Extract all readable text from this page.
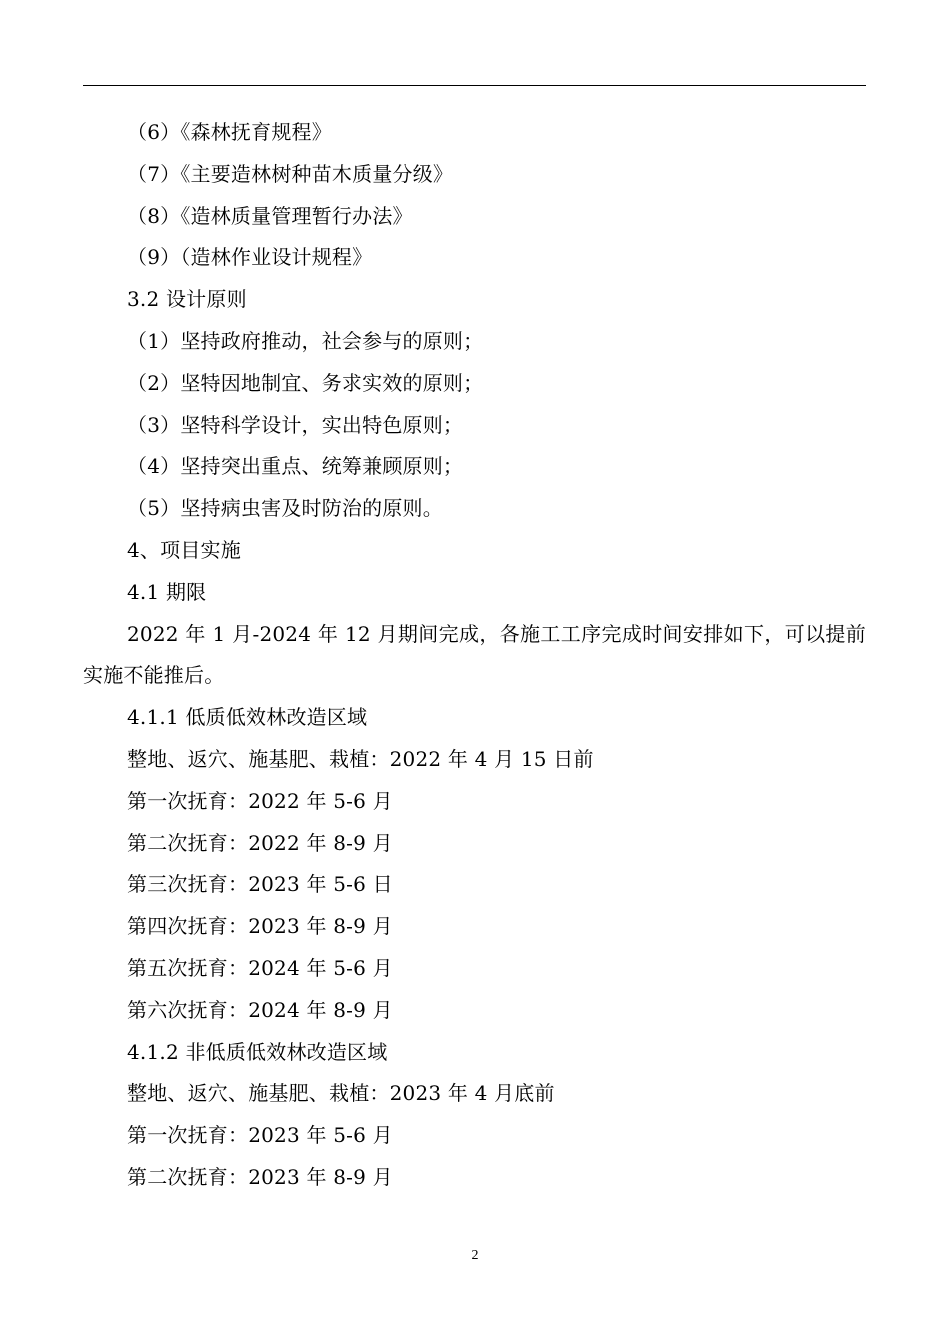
（6）《森林抚育规程》
（7）《主要造林树种苗木质量分级》
（8）《造林质量管理暂行办法》
（9）（造林作业设计规程》
3.2 设计原则
（1）坚持政府推动，社会参与的原则；
（2）坚特因地制宜、务求实效的原则；
（3）坚特科学设计，实出特色原则；
（4）坚持突出重点、统筹兼顾原则；
（5）坚持病虫害及时防治的原则。
4、项目实施
4.1 期限
2022 年 1 月-2024 年 12 月期间完成，各施工工序完成时间安排如下，可以提前实施不能推后。
4.1.1 低质低效林改造区域
整地、返穴、施基肥、栽植：2022 年 4 月 15 日前
第一次抚育：2022 年 5-6 月
第二次抚育：2022 年 8-9 月
第三次抚育：2023 年 5-6 日
第四次抚育：2023 年 8-9 月
第五次抚育：2024 年 5-6 月
第六次抚育：2024 年 8-9 月
4.1.2 非低质低效林改造区域
整地、返穴、施基肥、栽植：2023 年 4 月底前
第一次抚育：2023 年 5-6 月
第二次抚育：2023 年 8-9 月
2
